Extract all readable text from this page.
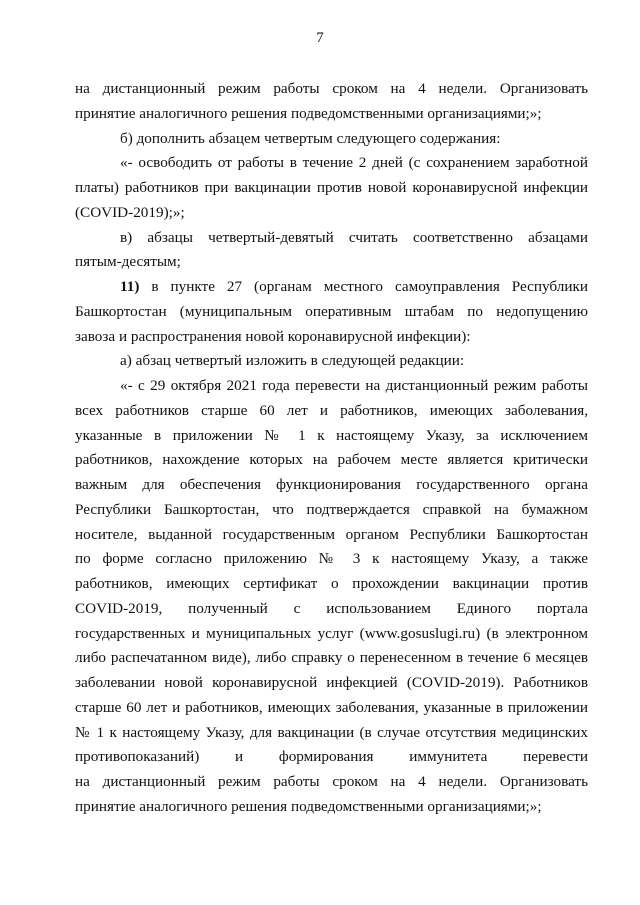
7
на дистанционный режим работы сроком на 4 недели. Организовать
принятие аналогичного решения подведомственными организациями;»;
б) дополнить абзацем четвертым следующего содержания:
«- освободить от работы в течение 2 дней (с сохранением заработной
платы) работников при вакцинации против новой коронавирусной инфекции
(COVID-2019);»;
в) абзацы четвертый-девятый считать соответственно абзацами
пятым-десятым;
11) в пункте 27 (органам местного самоуправления Республики
Башкортостан (муниципальным оперативным штабам по недопущению
завоза и распространения новой коронавирусной инфекции):
а) абзац четвертый изложить в следующей редакции:
«- с 29 октября 2021 года перевести на дистанционный режим работы
всех работников старше 60 лет и работников, имеющих заболевания,
указанные в приложении № 1 к настоящему Указу, за исключением
работников, нахождение которых на рабочем месте является критически
важным для обеспечения функционирования государственного органа
Республики Башкортостан, что подтверждается справкой на бумажном
носителе, выданной государственным органом Республики Башкортостан
по форме согласно приложению № 3 к настоящему Указу, а также
работников, имеющих сертификат о прохождении вакцинации против
COVID-2019, полученный с использованием Единого портала
государственных и муниципальных услуг (www.gosuslugi.ru) (в электронном
либо распечатанном виде), либо справку о перенесенном в течение 6 месяцев
заболевании новой коронавирусной инфекцией (COVID-2019). Работников
старше 60 лет и работников, имеющих заболевания, указанные в приложении
№ 1 к настоящему Указу, для вакцинации (в случае отсутствия медицинских
противопоказаний) и формирования иммунитета перевести
на дистанционный режим работы сроком на 4 недели. Организовать
принятие аналогичного решения подведомственными организациями;»;
